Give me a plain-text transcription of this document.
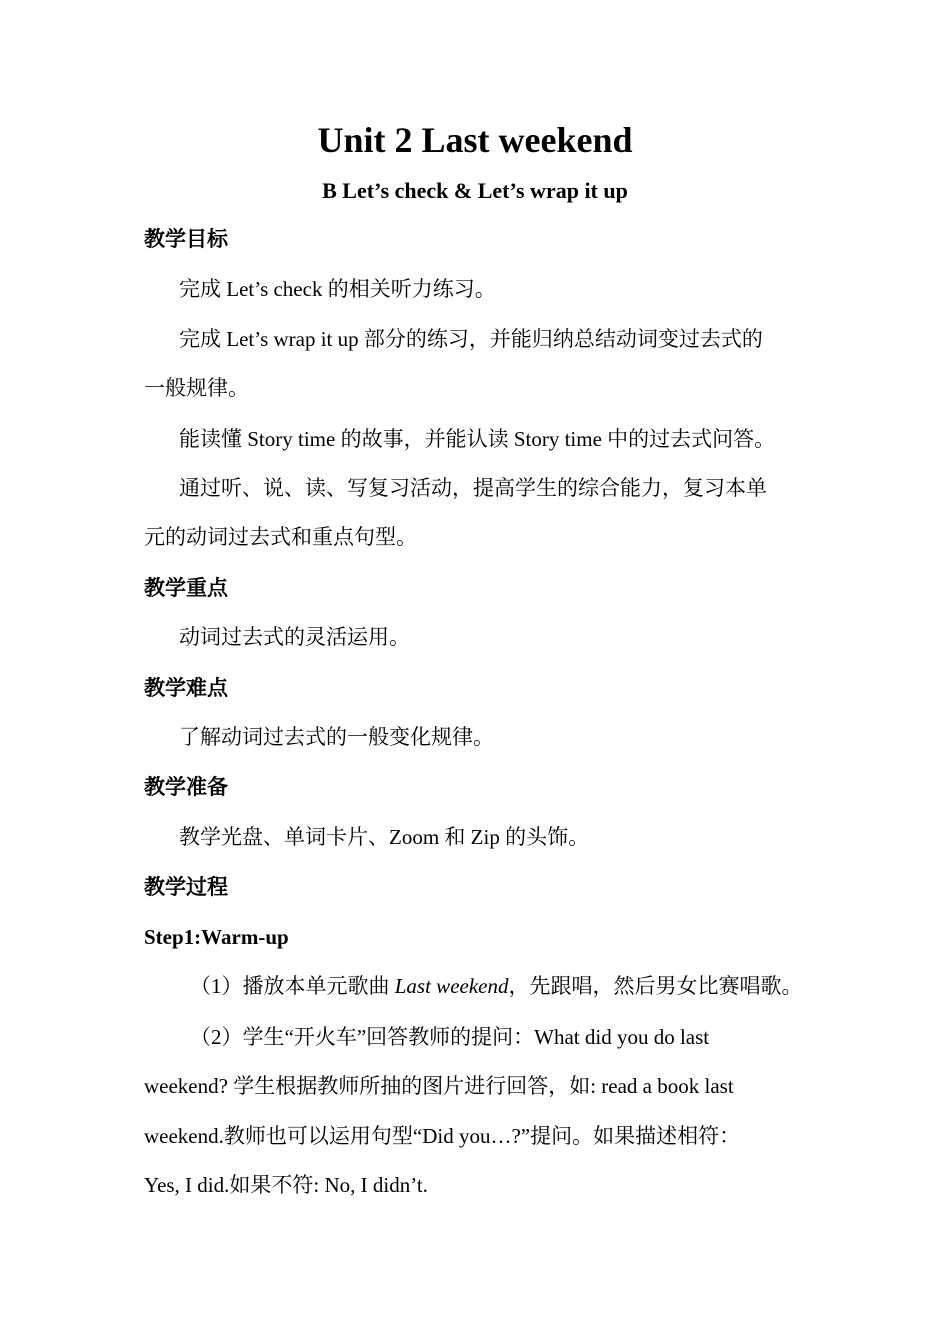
Unit 2 Last weekend
B Let’s check & Let’s wrap it up
教学目标
完成 Let’s check 的相关听力练习。
完成 Let’s wrap it up 部分的练习，并能归纳总结动词变过去式的
一般规律。
能读懂 Story time 的故事，并能认读 Story time 中的过去式问答。
通过听、说、读、写复习活动，提高学生的综合能力，复习本单
元的动词过去式和重点句型。
教学重点
动词过去式的灵活运用。
教学难点
了解动词过去式的一般变化规律。
教学准备
教学光盘、单词卡片、Zoom 和 Zip 的头饰。
教学过程
Step1:Warm-up
（1）播放本单元歌曲 Last weekend，先跟唱，然后男女比赛唱歌。
（2）学生“开火车”回答教师的提问：What did you do last
weekend? 学生根据教师所抽的图片进行回答，如: read a book last
weekend.教师也可以运用句型“Did you…?”提问。如果描述相符：
Yes, I did.如果不符: No, I didn’t.
